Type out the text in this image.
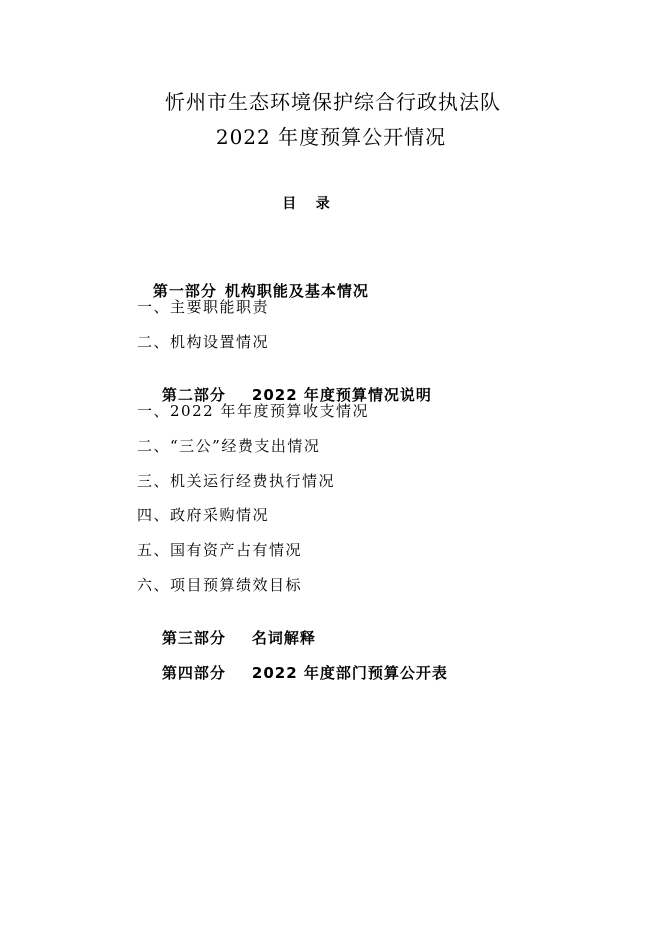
忻州市生态环境保护综合行政执法队
2022 年度预算公开情况
目    录

第一部分 机构职能及基本情况

一、主要职能职责
二、机构设置情况

第二部分 2022 年度预算情况说明

一、2022 年年度预算收支情况
二、“三公”经费支出情况
三、机关运行经费执行情况
四、政府采购情况
五、国有资产占有情况
六、项目预算绩效目标

第三部分 名词解释

第四部分 2022 年度部门预算公开表
